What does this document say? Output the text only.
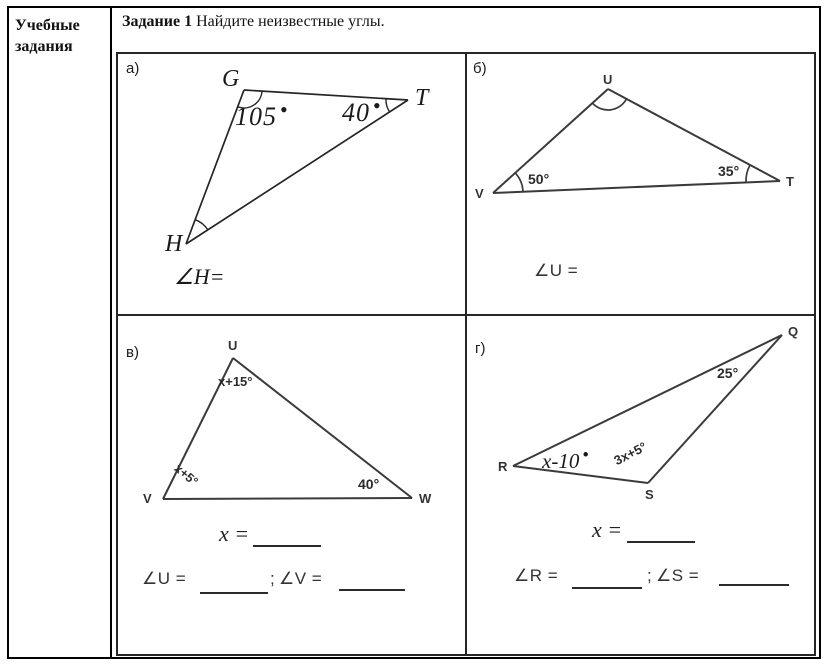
Учебные задания
Задание 1 Найдите неизвестные углы.
а)	G
T
H
105 • 40 •
∠H=
б)
U
V
T
50°	35°
∠U =
в)	U
V	W
x+15°
x+5°	40°
x =
∠U =	; ∠V =
г)
Q
R
S
25°
x-10 • 3x+5°
x =
∠R =	; ∠S =
